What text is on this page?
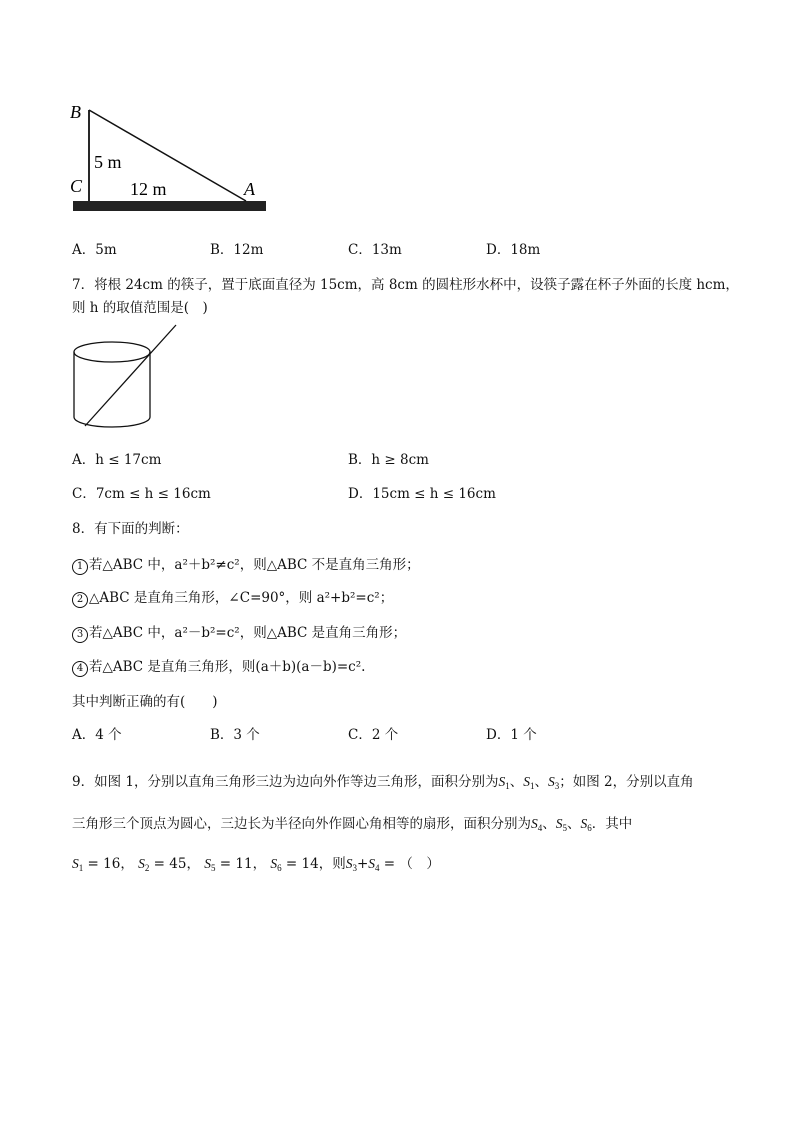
B
C	A
5 m
12 m
A．5m	B．12m	C．13m	D．18m
7．将根 24cm 的筷子，置于底面直径为 15cm，高 8cm 的圆柱形水杯中，设筷子露在杯子外面的长度 hcm，
则 h 的取值范围是(　)
A．h ≤ 17cm	B．h ≥ 8cm
C．7cm ≤ h ≤ 16cm	D．15cm ≤ h ≤ 16cm
8．有下面的判断：
1 若△ABC 中，a²＋b²≠c²，则△ABC 不是直角三角形；
2 △ABC 是直角三角形，∠C=90°，则 a²+b²=c²；
3 若△ABC 中，a²－b²=c²，则△ABC 是直角三角形；
4 若△ABC 是直角三角形，则(a＋b)(a－b)=c².
其中判断正确的有(　　)
A．4 个	B．3 个	C．2 个	D．1 个
9．如图 1，分别以直角三角形三边为边向外作等边三角形，面积分别为$S_1$、$S_1$、$S_3$；如图 2，分别以直角
三角形三个顶点为圆心，三边长为半径向外作圆心角相等的扇形，面积分别为$S_4$、$S_5$、$S_6$．其中
$S_1 = 16$， $S_2 = 45$， $S_5 = 11$， $S_6 = 14$，则$S_3+S_4$ = （　）
